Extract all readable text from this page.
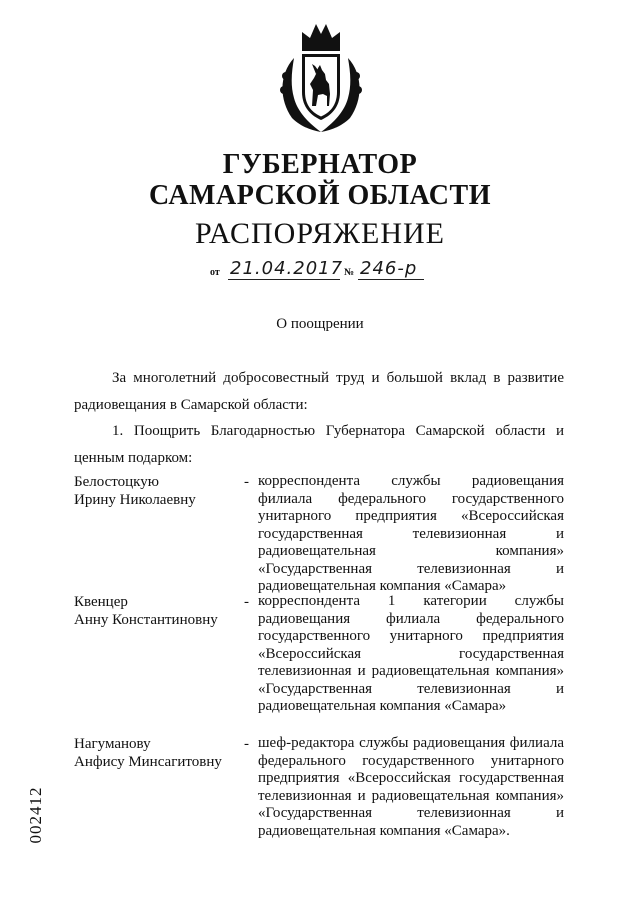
ГУБЕРНАТОР
САМАРСКОЙ ОБЛАСТИ
РАСПОРЯЖЕНИЕ
от 21.04.2017 № 246-р
О поощрении
За многолетний добросовестный труд и большой вклад в развитие радиовещания в Самарской области:
1. Поощрить Благодарностью Губернатора Самарской области и ценным подарком:
Белостоцкую
Ирину Николаевну
- корреспондента службы радиовещания филиала федерального государственного унитарного предприятия «Всероссийская государственная телевизионная и радиовещательная компания» «Государственная телевизионная и радиовещательная компания «Самара»
Квенцер
Анну Константиновну
- корреспондента 1 категории службы радиовещания филиала федерального государственного унитарного предприятия «Всероссийская государственная телевизионная и радиовещательная компания» «Государственная телевизионная и радиовещательная компания «Самара»
Нагуманову
Анфису Минсагитовну
- шеф-редактора службы радиовещания филиала федерального государственного унитарного предприятия «Всероссийская государственная телевизионная и радиовещательная компания» «Государственная телевизионная и радиовещательная компания «Самара».
002412
